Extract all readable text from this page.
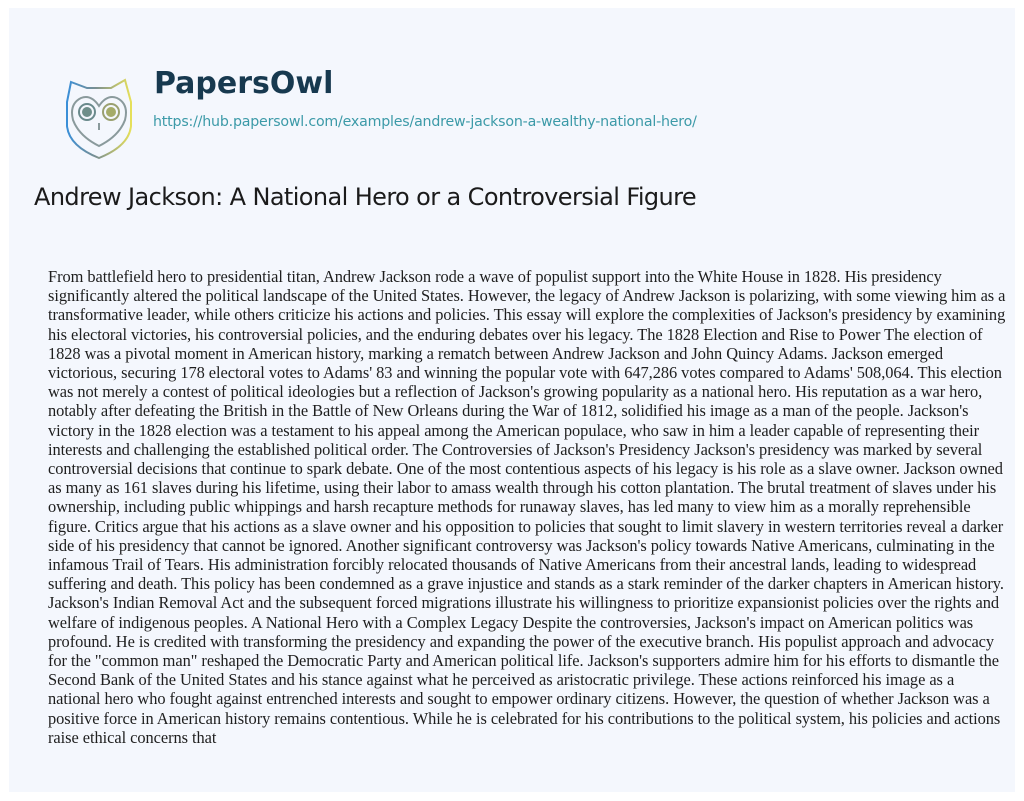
PapersOwl
https://hub.papersowl.com/examples/andrew-jackson-a-wealthy-national-hero/
Andrew Jackson: A National Hero or a Controversial Figure

From battlefield hero to presidential titan, Andrew Jackson rode a wave of populist support into the White House in 1828. His presidency significantly altered the political landscape of the United States. However, the legacy of Andrew Jackson is polarizing, with some viewing him as a transformative leader, while others criticize his actions and policies. This essay will explore the complexities of Jackson's presidency by examining his electoral victories, his controversial policies, and the enduring debates over his legacy. The 1828 Election and Rise to Power The election of 1828 was a pivotal moment in American history, marking a rematch between Andrew Jackson and John Quincy Adams. Jackson emerged victorious, securing 178 electoral votes to Adams' 83 and winning the popular vote with 647,286 votes compared to Adams' 508,064. This election was not merely a contest of political ideologies but a reflection of Jackson's growing popularity as a national hero. His reputation as a war hero, notably after defeating the British in the Battle of New Orleans during the War of 1812, solidified his image as a man of the people. Jackson's victory in the 1828 election was a testament to his appeal among the American populace, who saw in him a leader capable of representing their interests and challenging the established political order. The Controversies of Jackson's Presidency Jackson's presidency was marked by several controversial decisions that continue to spark debate. One of the most contentious aspects of his legacy is his role as a slave owner. Jackson owned as many as 161 slaves during his lifetime, using their labor to amass wealth through his cotton plantation. The brutal treatment of slaves under his ownership, including public whippings and harsh recapture methods for runaway slaves, has led many to view him as a morally reprehensible figure. Critics argue that his actions as a slave owner and his opposition to policies that sought to limit slavery in western territories reveal a darker side of his presidency that cannot be ignored. Another significant controversy was Jackson's policy towards Native Americans, culminating in the infamous Trail of Tears. His administration forcibly relocated thousands of Native Americans from their ancestral lands, leading to widespread suffering and death. This policy has been condemned as a grave injustice and stands as a stark reminder of the darker chapters in American history. Jackson's Indian Removal Act and the subsequent forced migrations illustrate his willingness to prioritize expansionist policies over the rights and welfare of indigenous peoples. A National Hero with a Complex Legacy Despite the controversies, Jackson's impact on American politics was profound. He is credited with transforming the presidency and expanding the power of the executive branch. His populist approach and advocacy for the "common man" reshaped the Democratic Party and American political life. Jackson's supporters admire him for his efforts to dismantle the Second Bank of the United States and his stance against what he perceived as aristocratic privilege. These actions reinforced his image as a national hero who fought against entrenched interests and sought to empower ordinary citizens. However, the question of whether Jackson was a positive force in American history remains contentious. While he is celebrated for his contributions to the political system, his policies and actions raise ethical concerns that
